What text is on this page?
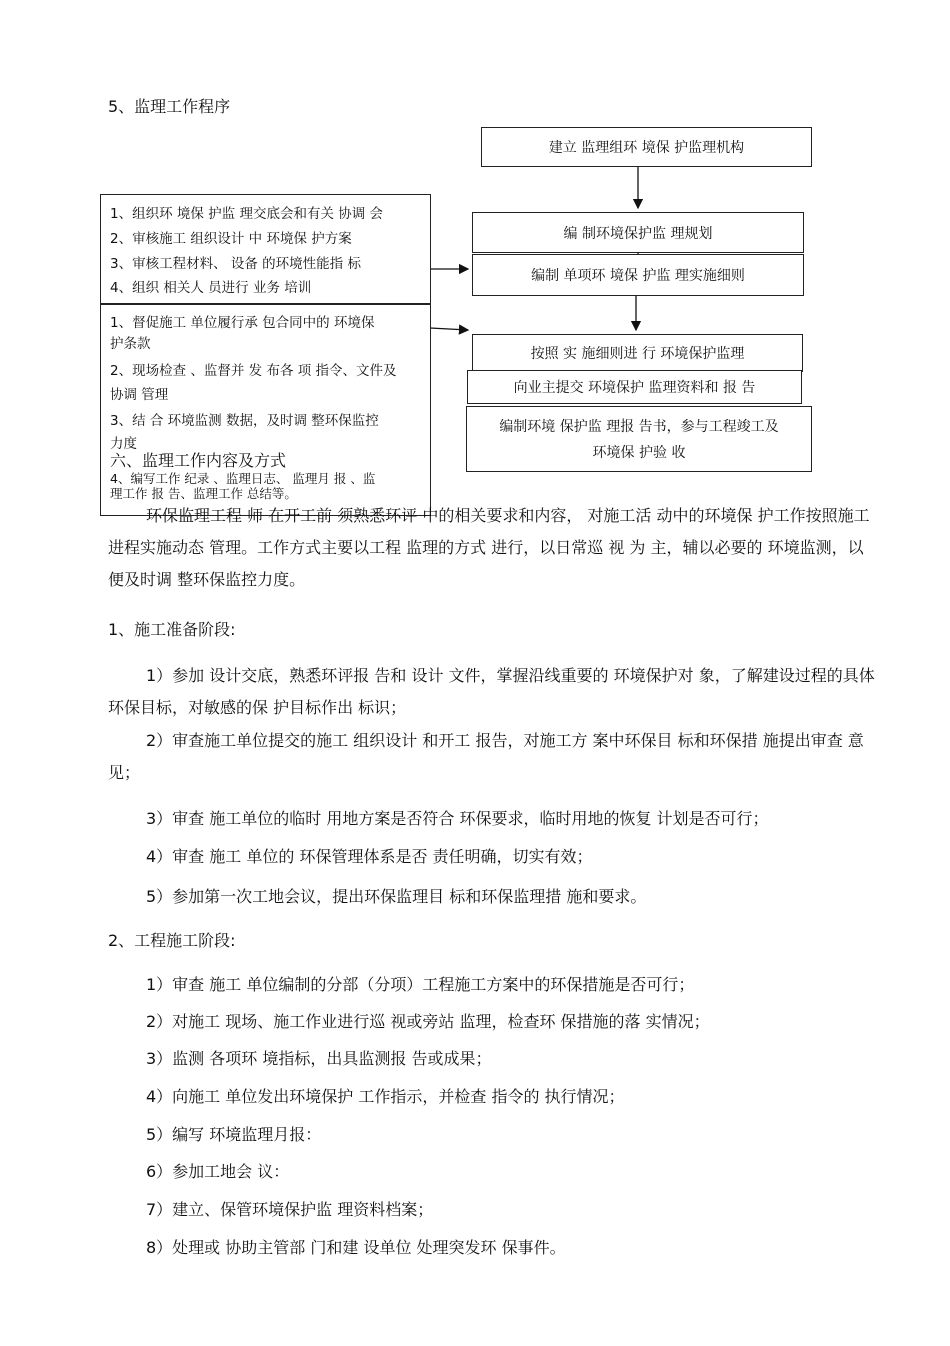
5、监理工作程序
建立 监理组环 境保 护监理机构
编 制环境保护监 理规划
编制 单项环 境保 护监 理实施细则
按照 实 施细则进 行 环境保护监理
向业主提交 环境保护 监理资料和 报 告
编制环境 保护监 理报 告书，参与工程竣工及
环境保 护验 收
1、组织环 境保 护监 理交底会和有关 协调 会
2、审核施工 组织设计 中 环境保 护方案
3、审核工程材料、 设备 的环境性能指 标
4、组织 相关人 员进行 业务 培训
1、督促施工 单位履行承 包合同中的 环境保
护条款
2、现场检查 、监督并 发 布各 项 指令、文件及
协调 管理
3、结 合 环境监测 数据，及时调 整环保监控
力度
六、监理工作内容及方式
4、编写工作 纪录 、监理日志、 监理月 报 、监
理工作 报 告、监理工作 总结等。
环保监理工程 师 在开工前 须熟悉环评 中的相关要求和内容， 对施工活 动中的环境保 护工作按照施工 进程实施动态 管理。工作方式主要以工程 监理的方式 进行，以日常巡 视 为 主，辅以必要的 环境监测，以便及时调 整环保监控力度。
1、施工准备阶段:
1）参加 设计交底，熟悉环评报 告和 设计 文件，掌握沿线重要的 环境保护对 象，了解建设过程的具体 环保目标，对敏感的保 护目标作出 标识；
2）审查施工单位提交的施工 组织设计 和开工 报告，对施工方 案中环保目 标和环保措 施提出审查 意见；
3）审查 施工单位的临时 用地方案是否符合 环保要求，临时用地的恢复 计划是否可行；
4）审查 施工 单位的 环保管理体系是否 责任明确，切实有效；
5）参加第一次工地会议，提出环保监理目 标和环保监理措 施和要求。
2、工程施工阶段:
1）审查 施工 单位编制的分部（分项）工程施工方案中的环保措施是否可行；
2）对施工 现场、施工作业进行巡 视或旁站 监理，检查环 保措施的落 实情况；
3）监测 各项环 境指标，出具监测报 告或成果；
4）向施工 单位发出环境保护 工作指示，并检查 指令的 执行情况；
5）编写 环境监理月报：
6）参加工地会 议：
7）建立、保管环境保护监 理资料档案；
8）处理或 协助主管部 门和建 设单位 处理突发环 保事件。
